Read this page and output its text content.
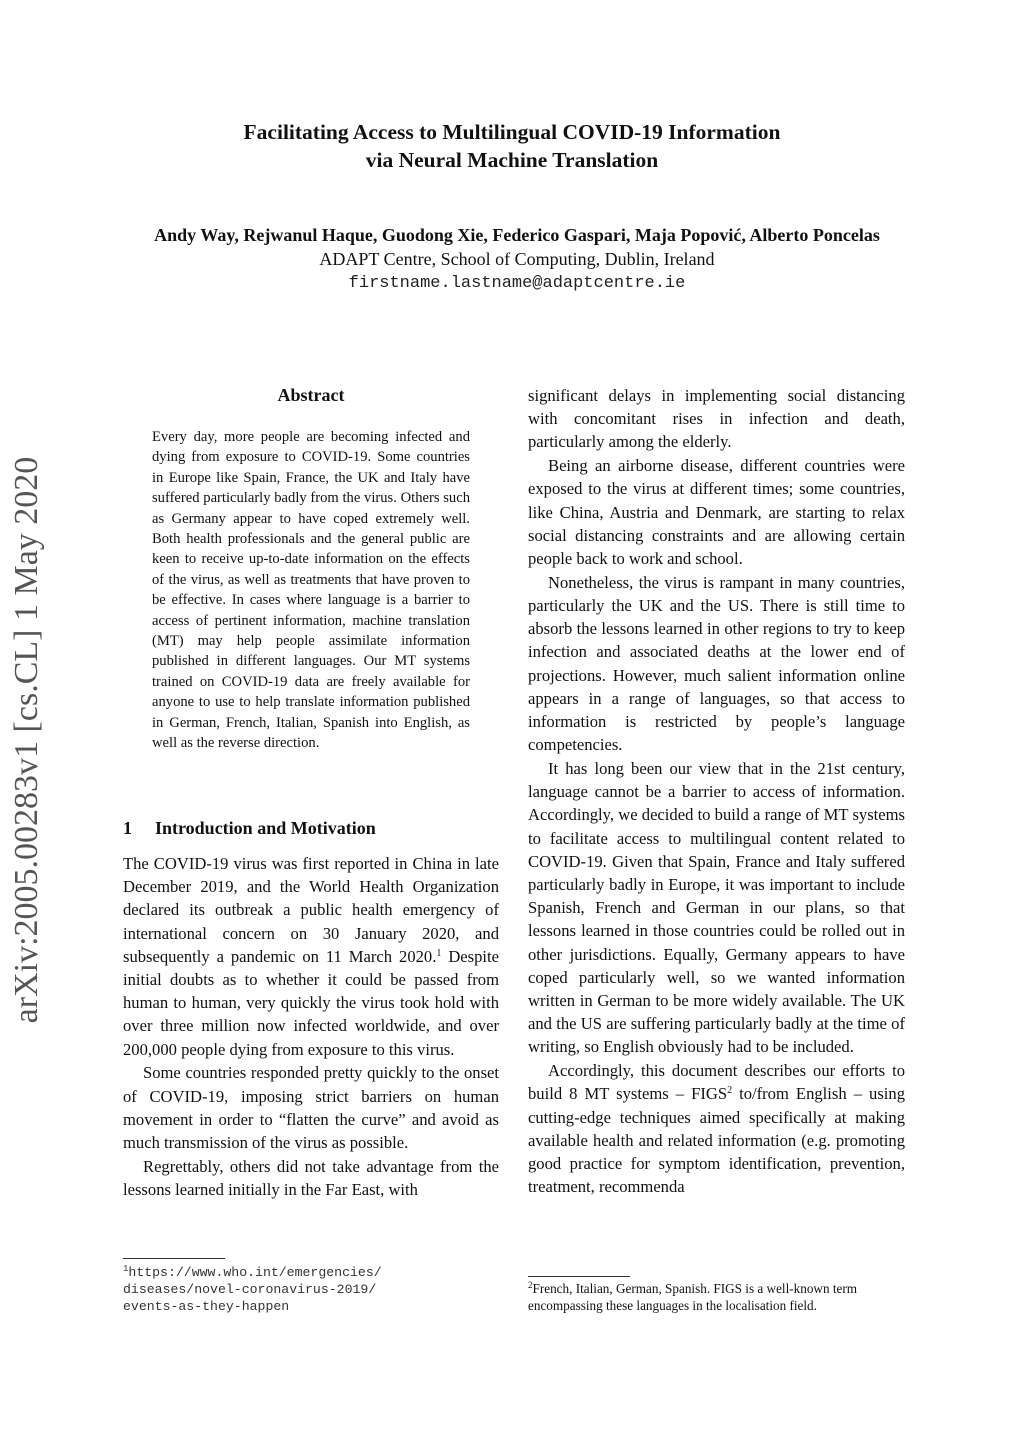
Facilitating Access to Multilingual COVID-19 Information
via Neural Machine Translation
Andy Way, Rejwanul Haque, Guodong Xie, Federico Gaspari, Maja Popović, Alberto Poncelas
ADAPT Centre, School of Computing, Dublin, Ireland
firstname.lastname@adaptcentre.ie
arXiv:2005.00283v1 [cs.CL] 1 May 2020
Abstract
Every day, more people are becoming infected and dying from exposure to COVID-19. Some countries in Europe like Spain, France, the UK and Italy have suffered particularly badly from the virus. Others such as Germany appear to have coped extremely well. Both health professionals and the general public are keen to receive up-to-date information on the effects of the virus, as well as treatments that have proven to be effective. In cases where language is a barrier to access of pertinent information, machine translation (MT) may help people assimilate information published in different languages. Our MT systems trained on COVID-19 data are freely available for anyone to use to help translate information published in German, French, Italian, Spanish into English, as well as the reverse direction.
1 Introduction and Motivation

The COVID-19 virus was first reported in China in late December 2019, and the World Health Organization declared its outbreak a public health emergency of international concern on 30 January 2020, and subsequently a pandemic on 11 March 2020.$^1$ Despite initial doubts as to whether it could be passed from human to human, very quickly the virus took hold with over three million now infected worldwide, and over 200,000 people dying from exposure to this virus.

Some countries responded pretty quickly to the onset of COVID-19, imposing strict barriers on human movement in order to “flatten the curve” and avoid as much transmission of the virus as possible.

Regrettably, others did not take advantage from the lessons learned initially in the Far East, with

$^1$https://www.who.int/emergencies/
diseases/novel-coronavirus-2019/
events-as-they-happen

significant delays in implementing social distancing with concomitant rises in infection and death, particularly among the elderly.

Being an airborne disease, different countries were exposed to the virus at different times; some countries, like China, Austria and Denmark, are starting to relax social distancing constraints and are allowing certain people back to work and school.

Nonetheless, the virus is rampant in many countries, particularly the UK and the US. There is still time to absorb the lessons learned in other regions to try to keep infection and associated deaths at the lower end of projections. However, much salient information online appears in a range of languages, so that access to information is restricted by people’s language competencies.

It has long been our view that in the 21st century, language cannot be a barrier to access of information. Accordingly, we decided to build a range of MT systems to facilitate access to multilingual content related to COVID-19. Given that Spain, France and Italy suffered particularly badly in Europe, it was important to include Spanish, French and German in our plans, so that lessons learned in those countries could be rolled out in other jurisdictions. Equally, Germany appears to have coped particularly well, so we wanted information written in German to be more widely available. The UK and the US are suffering particularly badly at the time of writing, so English obviously had to be included.

Accordingly, this document describes our efforts to build 8 MT systems – FIGS$^2$ to/from English – using cutting-edge techniques aimed specifically at making available health and related information (e.g. promoting good practice for symptom identification, prevention, treatment, recommenda

$^2$French, Italian, German, Spanish. FIGS is a well-known term encompassing these languages in the localisation field.
